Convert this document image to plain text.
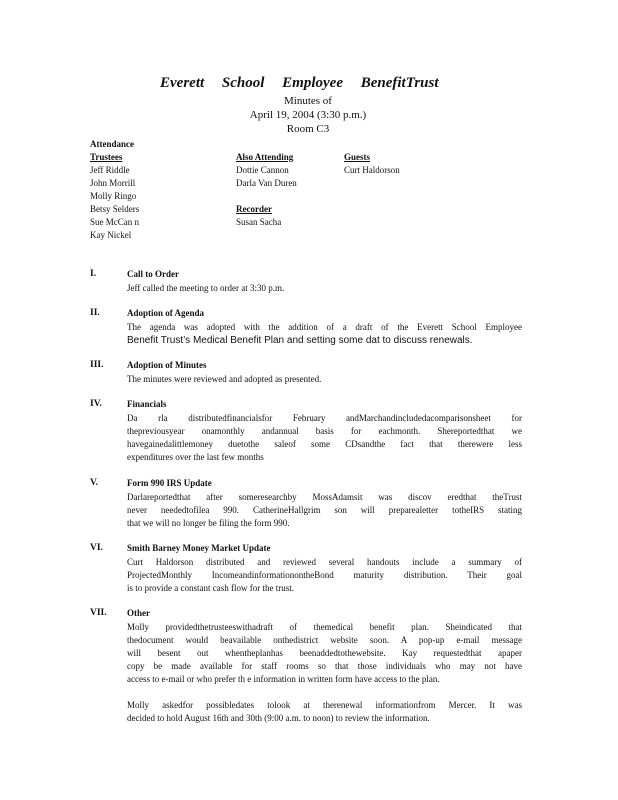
Everett School Employee BenefitTrust
Minutes of
April 19, 2004 (3:30 p.m.)
Room C3
Attendance
Trustees
Jeff Riddle
John Morrill
Molly Ringo
Betsy Selders
Sue McCan n
Kay Nickel
Also Attending
Dottie Cannon
Darla Van Duren
Recorder
Susan Sacha
Guests
Curt Haldorson
I.	Call to Order
Jeff called the meeting to order at 3:30 p.m.
II.	Adoption of Agenda
The agenda was adopted with the addition of a draft of the Everett School Employee
Benefit Trust’s Medical Benefit Plan and setting some dat to discuss renewals.
III.	Adoption of Minutes
The minutes were reviewed and adopted as presented.
IV.	Financials
Da rla distributedfinancialsfor February andMarchandincludedacomparisonsheet for
thepreviousyear onamonthly andannual basis for eachmonth. Shereportedthat we
havegainedalittlemoney duetothe saleof some CDsandthe fact that therewere less
expenditures over the last few months
V.	Form 990 IRS Update
Darlareportedthat after someresearchby MossAdamsit was discov eredthat theTrust
never neededtofilea 990. CatherineHallgrim son will preparealetter totheIRS stating
that we will no longer be filing the form 990.
VI.	Smith Barney Money Market Update
Curt Haldorson distributed and reviewed several handouts include a summary of
ProjectedMonthly IncomeandinformationontheBond maturity distribution. Their goal
is to provide a constant cash flow for the trust.
VII. Other
Molly providedthetrusteeswithadraft of themedical benefit plan. Sheindicated that
thedocument would beavailable onthedistrict website soon. A pop-up e-mail message
will besent out whentheplanhas beenaddedtothewebsite. Kay requestedthat apaper
copy be made available for staff rooms so that those individuals who may not have
access to e-mail or who prefer th e information in written form have access to the plan.
Molly askedfor possibledates tolook at therenewal informationfrom Mercer. It was
decided to hold August 16th and 30th (9:00 a.m. to noon) to review the information.
